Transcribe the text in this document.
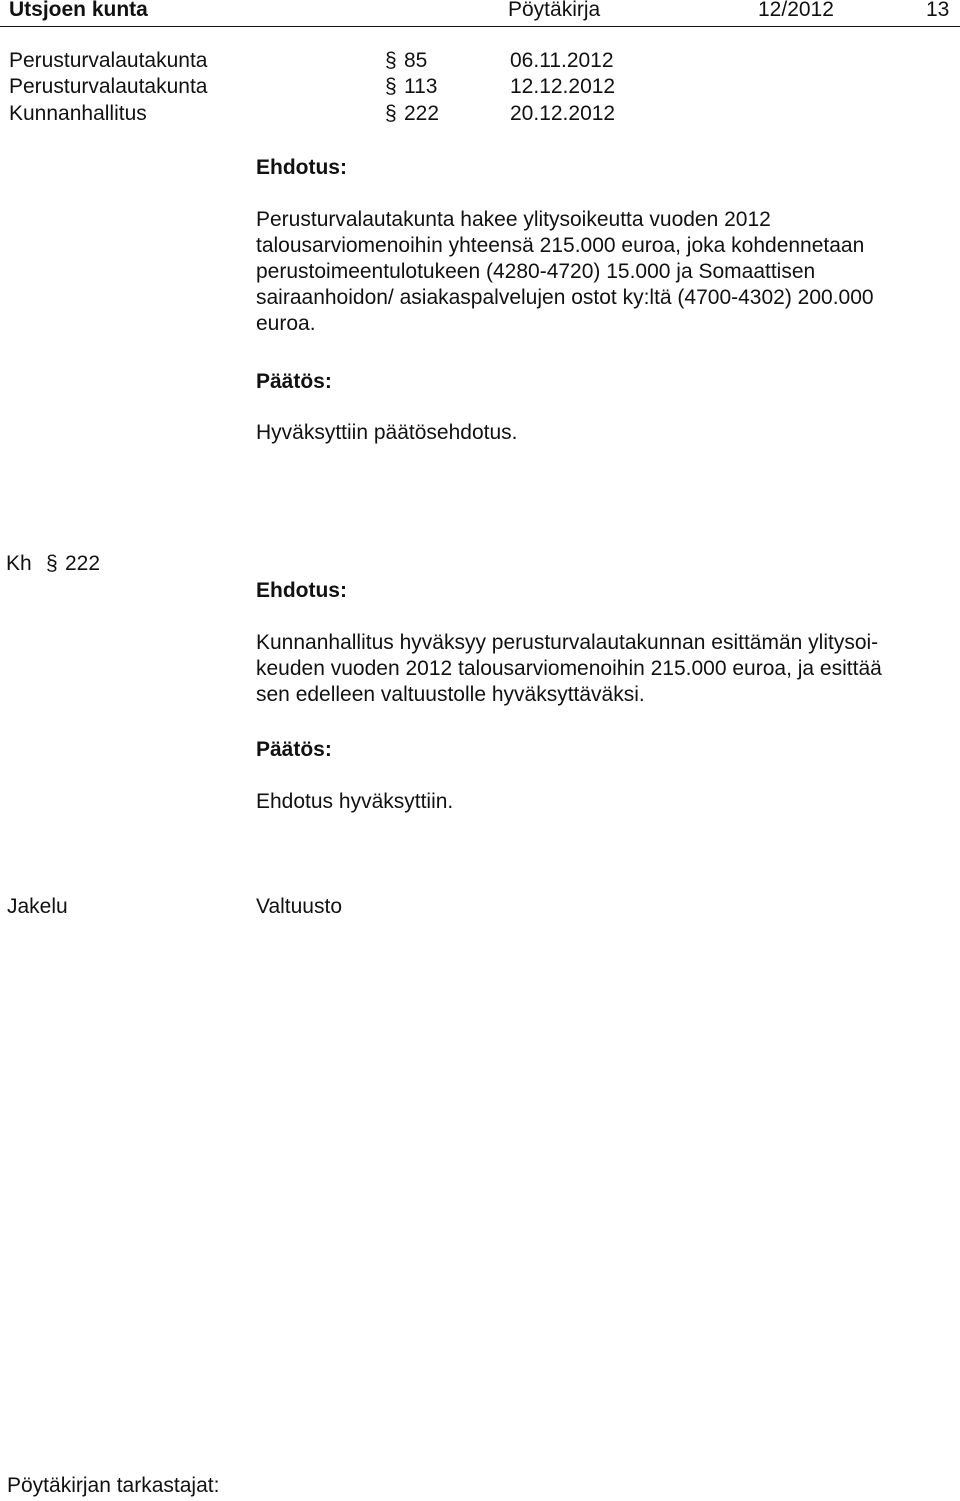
Utsjoen kunta	Pöytäkirja	12/2012	13
Perusturvalautakunta	§ 85	06.11.2012
Perusturvalautakunta	§ 113	12.12.2012
Kunnanhallitus	§ 222	20.12.2012
Ehdotus:
Perusturvalautakunta hakee ylitysoikeutta vuoden 2012
talousarviomenoihin yhteensä 215.000 euroa, joka kohdennetaan
perustoimeentulotukeen (4280-4720) 15.000 ja Somaattisen
sairaanhoidon/ asiakaspalvelujen ostot ky:ltä (4700-4302) 200.000
euroa.
Päätös:
Hyväksyttiin päätösehdotus.
Kh § 222
Ehdotus:
Kunnanhallitus hyväksyy perusturvalautakunnan esittämän ylitysoi-
keuden vuoden 2012 talousarviomenoihin 215.000 euroa, ja esittää
sen edelleen valtuustolle hyväksyttäväksi.
Päätös:
Ehdotus hyväksyttiin.
Jakelu	Valtuusto
Pöytäkirjan tarkastajat:
